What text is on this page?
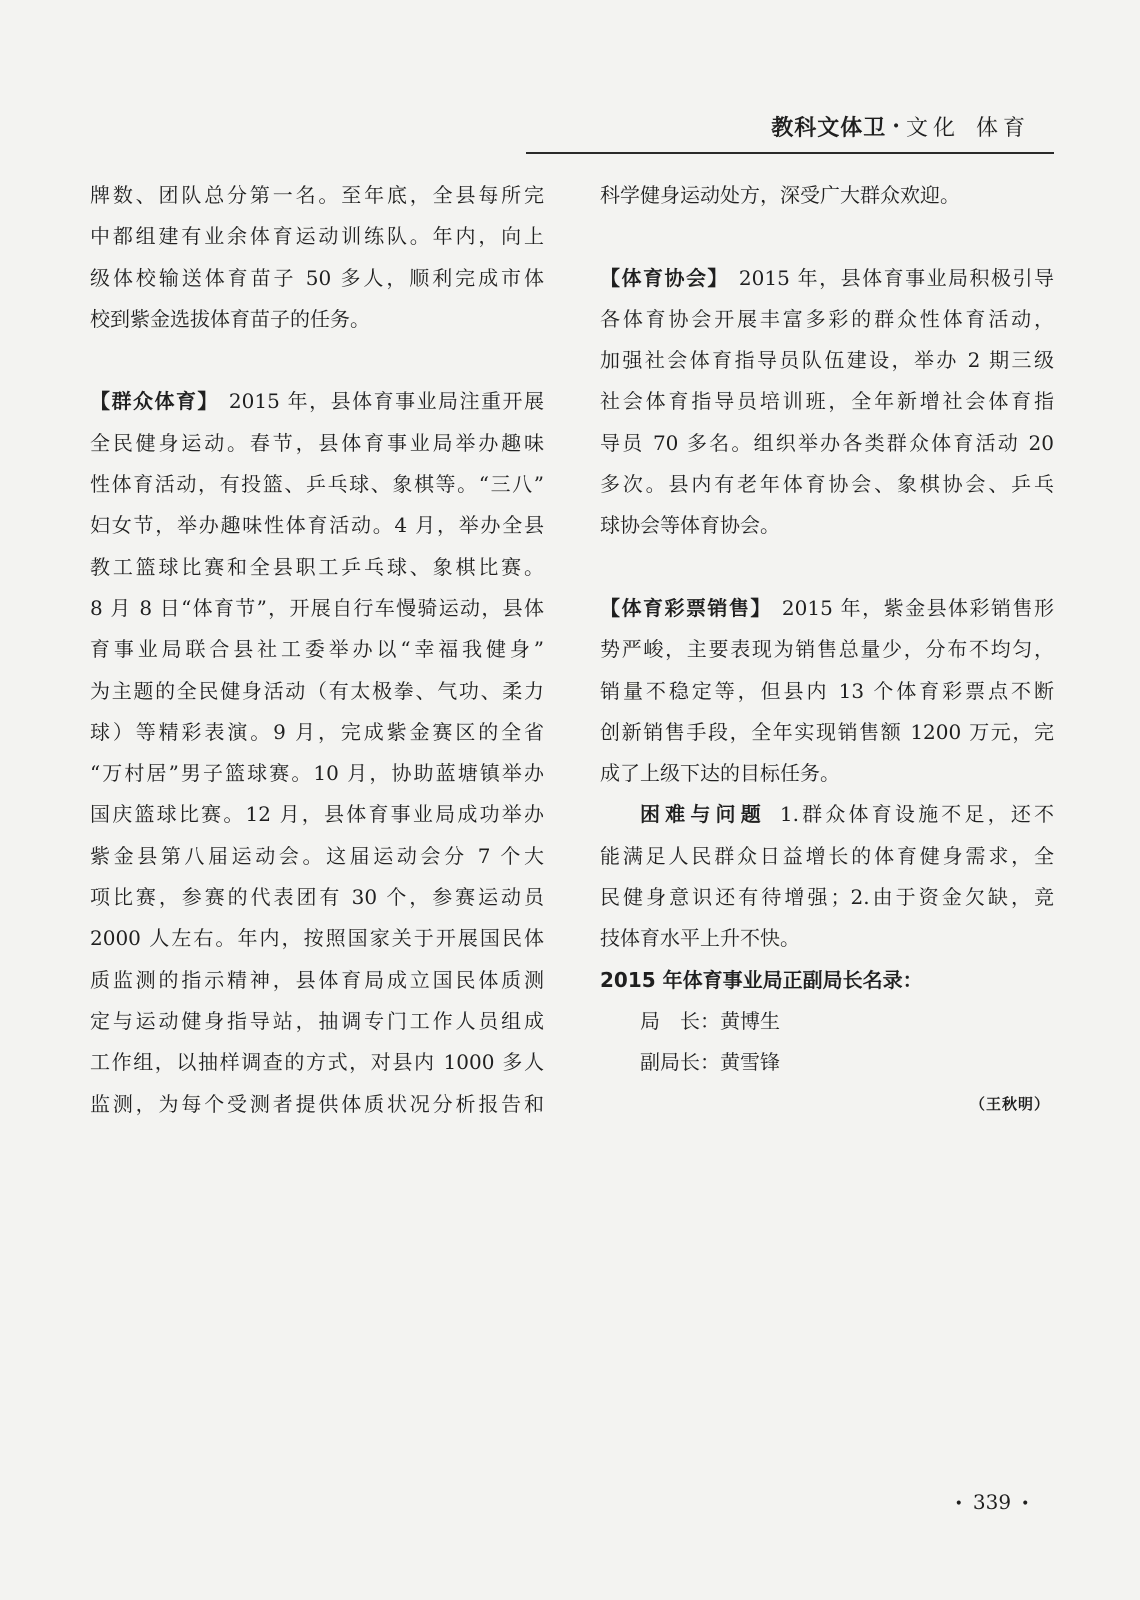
教科文体卫 · 文化 体育
牌数、团队总分第一名。至年底，全县每所完
中都组建有业余体育运动训练队。年内，向上
级体校输送体育苗子 50 多人，顺利完成市体
校到紫金选拔体育苗子的任务。
【群众体育】 2015 年，县体育事业局注重开展
全民健身运动。春节，县体育事业局举办趣味
性体育活动，有投篮、乒乓球、象棋等。“三八”
妇女节，举办趣味性体育活动。4 月，举办全县
教工篮球比赛和全县职工乒乓球、象棋比赛。
8 月 8 日“体育节”，开展自行车慢骑运动，县体
育事业局联合县社工委举办以“幸福我健身”
为主题的全民健身活动（有太极拳、气功、柔力
球）等精彩表演。9 月，完成紫金赛区的全省
“万村居”男子篮球赛。10 月，协助蓝塘镇举办
国庆篮球比赛。12 月，县体育事业局成功举办
紫金县第八届运动会。这届运动会分 7 个大
项比赛，参赛的代表团有 30 个，参赛运动员
2000 人左右。年内，按照国家关于开展国民体
质监测的指示精神，县体育局成立国民体质测
定与运动健身指导站，抽调专门工作人员组成
工作组，以抽样调查的方式，对县内 1000 多人
监测，为每个受测者提供体质状况分析报告和
科学健身运动处方，深受广大群众欢迎。
【体育协会】 2015 年，县体育事业局积极引导
各体育协会开展丰富多彩的群众性体育活动，
加强社会体育指导员队伍建设，举办 2 期三级
社会体育指导员培训班，全年新增社会体育指
导员 70 多名。组织举办各类群众体育活动 20
多次。县内有老年体育协会、象棋协会、乒乓
球协会等体育协会。
【体育彩票销售】 2015 年，紫金县体彩销售形
势严峻，主要表现为销售总量少，分布不均匀，
销量不稳定等，但县内 13 个体育彩票点不断
创新销售手段，全年实现销售额 1200 万元，完
成了上级下达的目标任务。
困难与问题 1.群众体育设施不足，还不
能满足人民群众日益增长的体育健身需求，全
民健身意识还有待增强；2.由于资金欠缺，竞
技体育水平上升不快。
2015 年体育事业局正副局长名录：
局　长：黄博生
副局长：黄雪锋
（王秋明）
• 339 •
